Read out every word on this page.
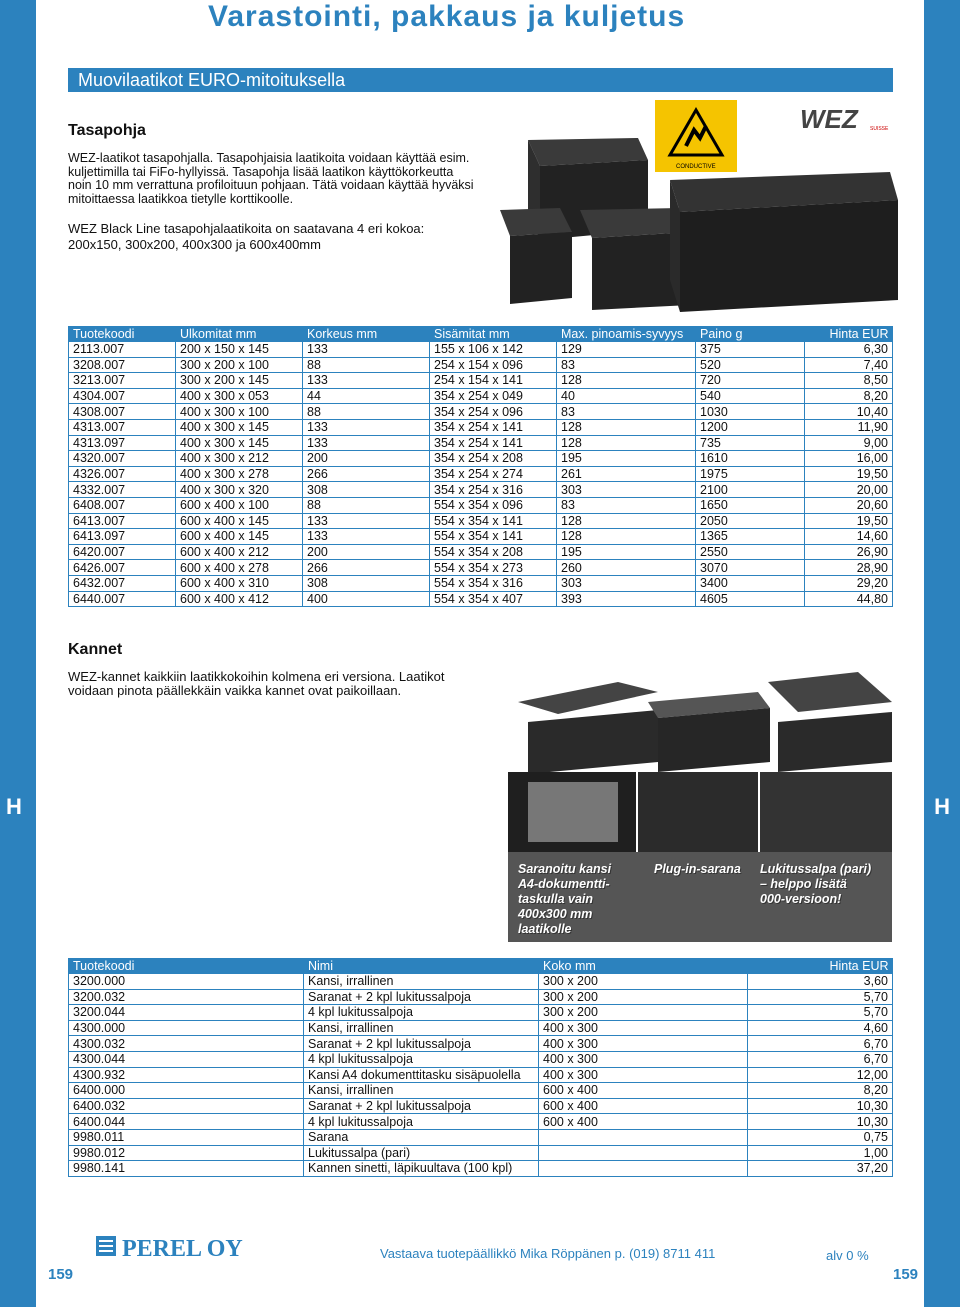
H	H
Varastointi, pakkaus ja kuljetus
Muovilaatikot EURO-mitoituksella
Tasapohja
WEZ-laatikot tasapohjalla. Tasapohjaisia laatikoita voidaan käyttää esim.
kuljettimilla tai FiFo-hyllyissä. Tasapohja lisää laatikon käyttökorkeutta
noin 10 mm verrattuna profiloituun pohjaan. Tätä voidaan käyttää hyväksi
mitoittaessa laatikkoa tietylle korttikoolle.
WEZ Black Line tasapohjalaatikoita on saatavana 4 eri kokoa:
200x150, 300x200, 400x300 ja 600x400mm
CONDUCTIVE
WEZ SUISSE
Tuotekoodi	Ulkomitat mm	Korkeus mm	Sisämitat mm	Max. pinoamis-syvyys	Paino g	Hinta EUR
2113.007	200 x 150 x 145	133	155 x 106 x 142	129	375	6,30
3208.007	300 x 200 x 100	88	254 x 154 x 096	83	520	7,40
3213.007	300 x 200 x 145	133	254 x 154 x 141	128	720	8,50
4304.007	400 x 300 x 053	44	354 x 254 x 049	40	540	8,20
4308.007	400 x 300 x 100	88	354 x 254 x 096	83	1030	10,40
4313.007	400 x 300 x 145	133	354 x 254 x 141	128	1200	11,90
4313.097	400 x 300 x 145	133	354 x 254 x 141	128	735	9,00
4320.007	400 x 300 x 212	200	354 x 254 x 208	195	1610	16,00
4326.007	400 x 300 x 278	266	354 x 254 x 274	261	1975	19,50
4332.007	400 x 300 x 320	308	354 x 254 x 316	303	2100	20,00
6408.007	600 x 400 x 100	88	554 x 354 x 096	83	1650	20,60
6413.007	600 x 400 x 145	133	554 x 354 x 141	128	2050	19,50
6413.097	600 x 400 x 145	133	554 x 354 x 141	128	1365	14,60
6420.007	600 x 400 x 212	200	554 x 354 x 208	195	2550	26,90
6426.007	600 x 400 x 278	266	554 x 354 x 273	260	3070	28,90
6432.007	600 x 400 x 310	308	554 x 354 x 316	303	3400	29,20
6440.007	600 x 400 x 412	400	554 x 354 x 407	393	4605	44,80
Kannet
WEZ-kannet kaikkiin laatikkokoihin kolmena eri versiona. Laatikot
voidaan pinota päällekkäin vaikka kannet ovat paikoillaan.
Saranoitu kansi
A4-dokumentti-
taskulla vain
400x300 mm
laatikolle
Plug-in-sarana Lukitussalpa (pari)
– helppo lisätä
000-versioon!
Tuotekoodi	Nimi	Koko mm	Hinta EUR
3200.000	Kansi, irrallinen	300 x 200	3,60
3200.032	Saranat + 2 kpl lukitussalpoja	300 x 200	5,70
3200.044	4 kpl lukitussalpoja	300 x 200	5,70
4300.000	Kansi, irrallinen	400 x 300	4,60
4300.032	Saranat + 2 kpl lukitussalpoja	400 x 300	6,70
4300.044	4 kpl lukitussalpoja	400 x 300	6,70
4300.932	Kansi A4 dokumenttitasku sisäpuolella	400 x 300	12,00
6400.000	Kansi, irrallinen	600 x 400	8,20
6400.032	Saranat + 2 kpl lukitussalpoja	600 x 400	10,30
6400.044	4 kpl lukitussalpoja	600 x 400	10,30
9980.011	Sarana		0,75
9980.012	Lukitussalpa (pari)		1,00
9980.141	Kannen sinetti, läpikuultava (100 kpl)		37,20
PEREL OY	Vastaava tuotepäällikkö Mika Röppänen p. (019) 8711 411	alv 0 %
159	159
